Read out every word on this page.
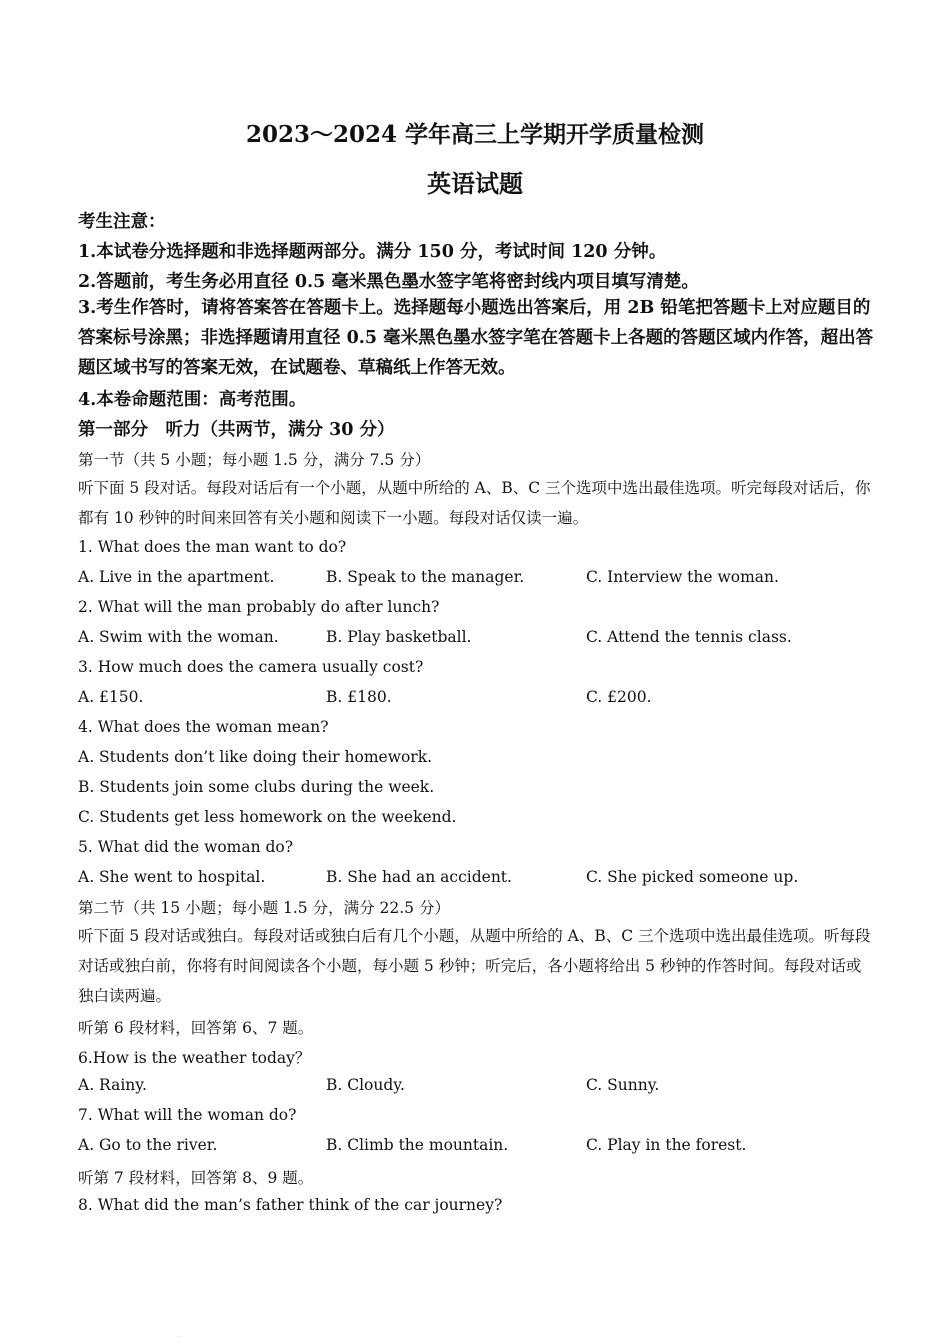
2023～2024 学年高三上学期开学质量检测
英语试题
考生注意：
1.本试卷分选择题和非选择题两部分。满分 150 分，考试时间 120 分钟。
2.答题前，考生务必用直径 0.5 毫米黑色墨水签字笔将密封线内项目填写清楚。
3.考生作答时，请将答案答在答题卡上。选择题每小题选出答案后，用 2B 铅笔把答题卡上对应题目的答案标号涂黑；非选择题请用直径 0.5 毫米黑色墨水签字笔在答题卡上各题的答题区域内作答，超出答题区域书写的答案无效，在试题卷、草稿纸上作答无效。
4.本卷命题范围：高考范围。
第一部分　听力（共两节，满分 30 分）
第一节（共 5 小题；每小题 1.5 分，满分 7.5 分）
听下面 5 段对话。每段对话后有一个小题，从题中所给的 A、B、C 三个选项中选出最佳选项。听完每段对话后，你都有 10 秒钟的时间来回答有关小题和阅读下一小题。每段对话仅读一遍。
1. What does the man want to do?
A. Live in the apartment.	B. Speak to the manager.	C. Interview the woman.
2. What will the man probably do after lunch?
A. Swim with the woman.	B. Play basketball.	C. Attend the tennis class.
3. How much does the camera usually cost?
A. £150.	B. £180.	C. £200.
4. What does the woman mean?
A. Students don’t like doing their homework.
B. Students join some clubs during the week.
C. Students get less homework on the weekend.
5. What did the woman do?
A. She went to hospital.	B. She had an accident.	C. She picked someone up.
第二节（共 15 小题；每小题 1.5 分，满分 22.5 分）
听下面 5 段对话或独白。每段对话或独白后有几个小题，从题中所给的 A、B、C 三个选项中选出最佳选项。听每段对话或独白前，你将有时间阅读各个小题，每小题 5 秒钟；听完后，各小题将给出 5 秒钟的作答时间。每段对话或独白读两遍。
听第 6 段材料，回答第 6、7 题。
6.How is the weather today？
A. Rainy.	B. Cloudy.	C. Sunny.
7. What will the woman do?
A. Go to the river.	B. Climb the mountain.	C. Play in the forest.
听第 7 段材料，回答第 8、9 题。
8. What did the man’s father think of the car journey?
.
